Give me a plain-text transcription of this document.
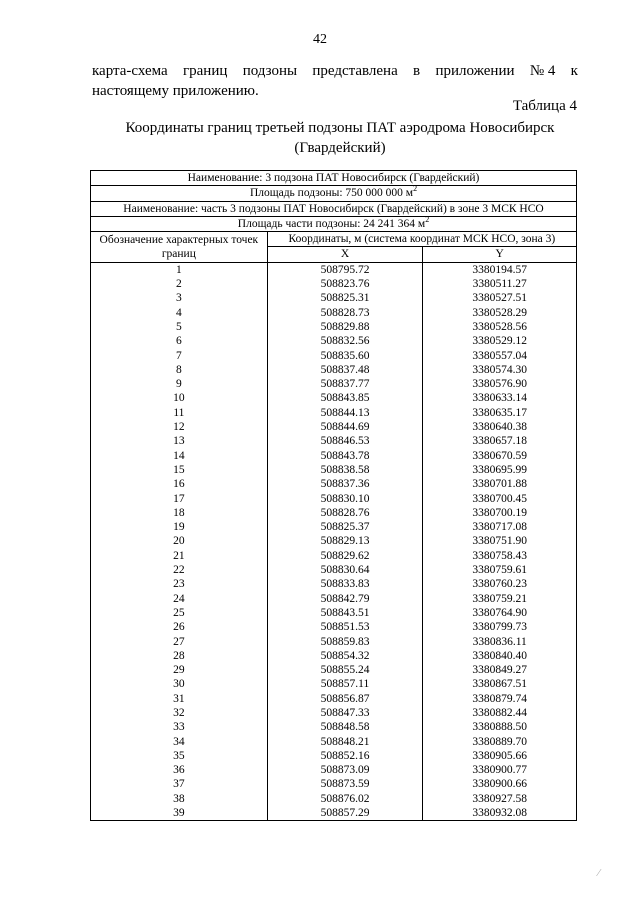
42
карта-схема границ подзоны представлена в приложении № 4 к
настоящему приложению.
Таблица 4
Координаты границ третьей подзоны ПАТ аэродрома Новосибирск
(Гвардейский)
Наименование: 3 подзона ПАТ Новосибирск (Гвардейский)		
Площадь подзоны: 750 000 000 $м^2$
Наименование: часть 3 подзоны ПАТ Новосибирск (Гвардейский) в зоне 3 МСК НСО		
Площадь части подзоны: 24 241 364 $м^2$
Обозначение характерных точек границ	Координаты, м (система координат МСК НСО, зона 3)	
	X	Y
1	508795.72	3380194.57
2	508823.76	3380511.27
3	508825.31	3380527.51
4	508828.73	3380528.29
5	508829.88	3380528.56
6	508832.56	3380529.12
7	508835.60	3380557.04
8	508837.48	3380574.30
9	508837.77	3380576.90
10	508843.85	3380633.14
11	508844.13	3380635.17
12	508844.69	3380640.38
13	508846.53	3380657.18
14	508843.78	3380670.59
15	508838.58	3380695.99
16	508837.36	3380701.88
17	508830.10	3380700.45
18	508828.76	3380700.19
19	508825.37	3380717.08
20	508829.13	3380751.90
21	508829.62	3380758.43
22	508830.64	3380759.61
23	508833.83	3380760.23
24	508842.79	3380759.21
25	508843.51	3380764.90
26	508851.53	3380799.73
27	508859.83	3380836.11
28	508854.32	3380840.40
29	508855.24	3380849.27
30	508857.11	3380867.51
31	508856.87	3380879.74
32	508847.33	3380882.44
33	508848.58	3380888.50
34	508848.21	3380889.70
35	508852.16	3380905.66
36	508873.09	3380900.77
37	508873.59	3380900.66
38	508876.02	3380927.58
39	508857.29	3380932.08
⁄
